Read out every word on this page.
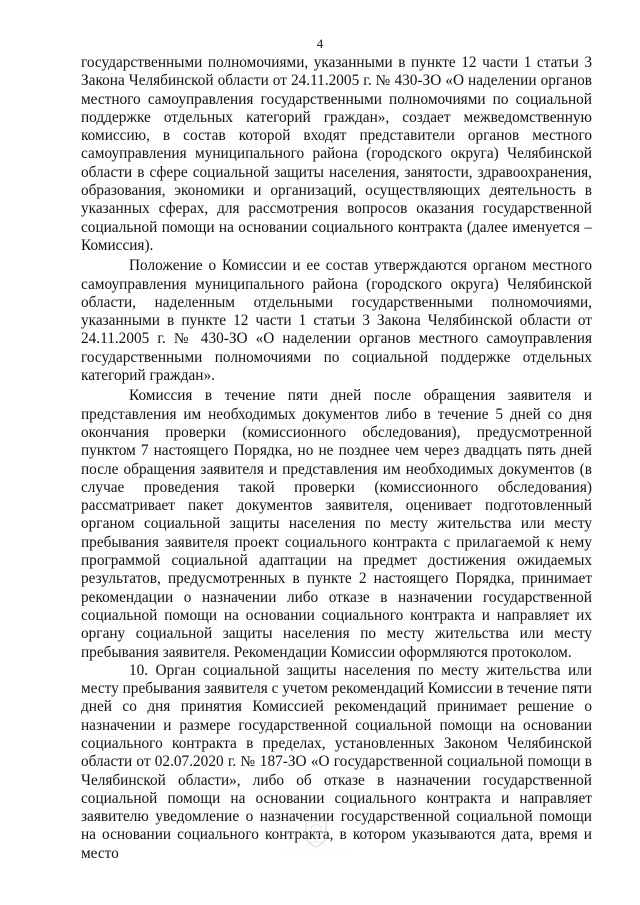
4

государственными полномочиями, указанными в пункте 12 части 1 статьи 3 Закона Челябинской области от 24.11.2005 г. № 430-ЗО «О наделении органов местного самоуправления государственными полномочиями по социальной поддержке отдельных категорий граждан», создает межведомственную комиссию, в состав которой входят представители органов местного самоуправления муниципального района (городского округа) Челябинской области в сфере социальной защиты населения, занятости, здравоохранения, образования, экономики и организаций, осуществляющих деятельность в указанных сферах, для рассмотрения вопросов оказания государственной социальной помощи на основании социального контракта (далее именуется – Комиссия).

Положение о Комиссии и ее состав утверждаются органом местного самоуправления муниципального района (городского округа) Челябинской области, наделенным отдельными государственными полномочиями, указанными в пункте 12 части 1 статьи 3 Закона Челябинской области от 24.11.2005 г. № 430-ЗО «О наделении органов местного самоуправления государственными полномочиями по социальной поддержке отдельных категорий граждан».

Комиссия в течение пяти дней после обращения заявителя и представления им необходимых документов либо в течение 5 дней со дня окончания проверки (комиссионного обследования), предусмотренной пунктом 7 настоящего Порядка, но не позднее чем через двадцать пять дней после обращения заявителя и представления им необходимых документов (в случае проведения такой проверки (комиссионного обследования) рассматривает пакет документов заявителя, оценивает подготовленный органом социальной защиты населения по месту жительства или месту пребывания заявителя проект социального контракта с прилагаемой к нему программой социальной адаптации на предмет достижения ожидаемых результатов, предусмотренных в пункте 2 настоящего Порядка, принимает рекомендации о назначении либо отказе в назначении государственной социальной помощи на основании социального контракта и направляет их органу социальной защиты населения по месту жительства или месту пребывания заявителя. Рекомендации Комиссии оформляются протоколом.

10. Орган социальной защиты населения по месту жительства или месту пребывания заявителя с учетом рекомендаций Комиссии в течение пяти дней со дня принятия Комиссией рекомендаций принимает решение о назначении и размере государственной социальной помощи на основании социального контракта в пределах, установленных Законом Челябинской области от 02.07.2020 г. № 187-ЗО «О государственной социальной помощи в Челябинской области», либо об отказе в назначении государственной социальной помощи на основании социального контракта и направляет заявителю уведомление о назначении государственной социальной помощи на основании социального контракта, в котором указываются дата, время и место	· · · · · · · · ·
